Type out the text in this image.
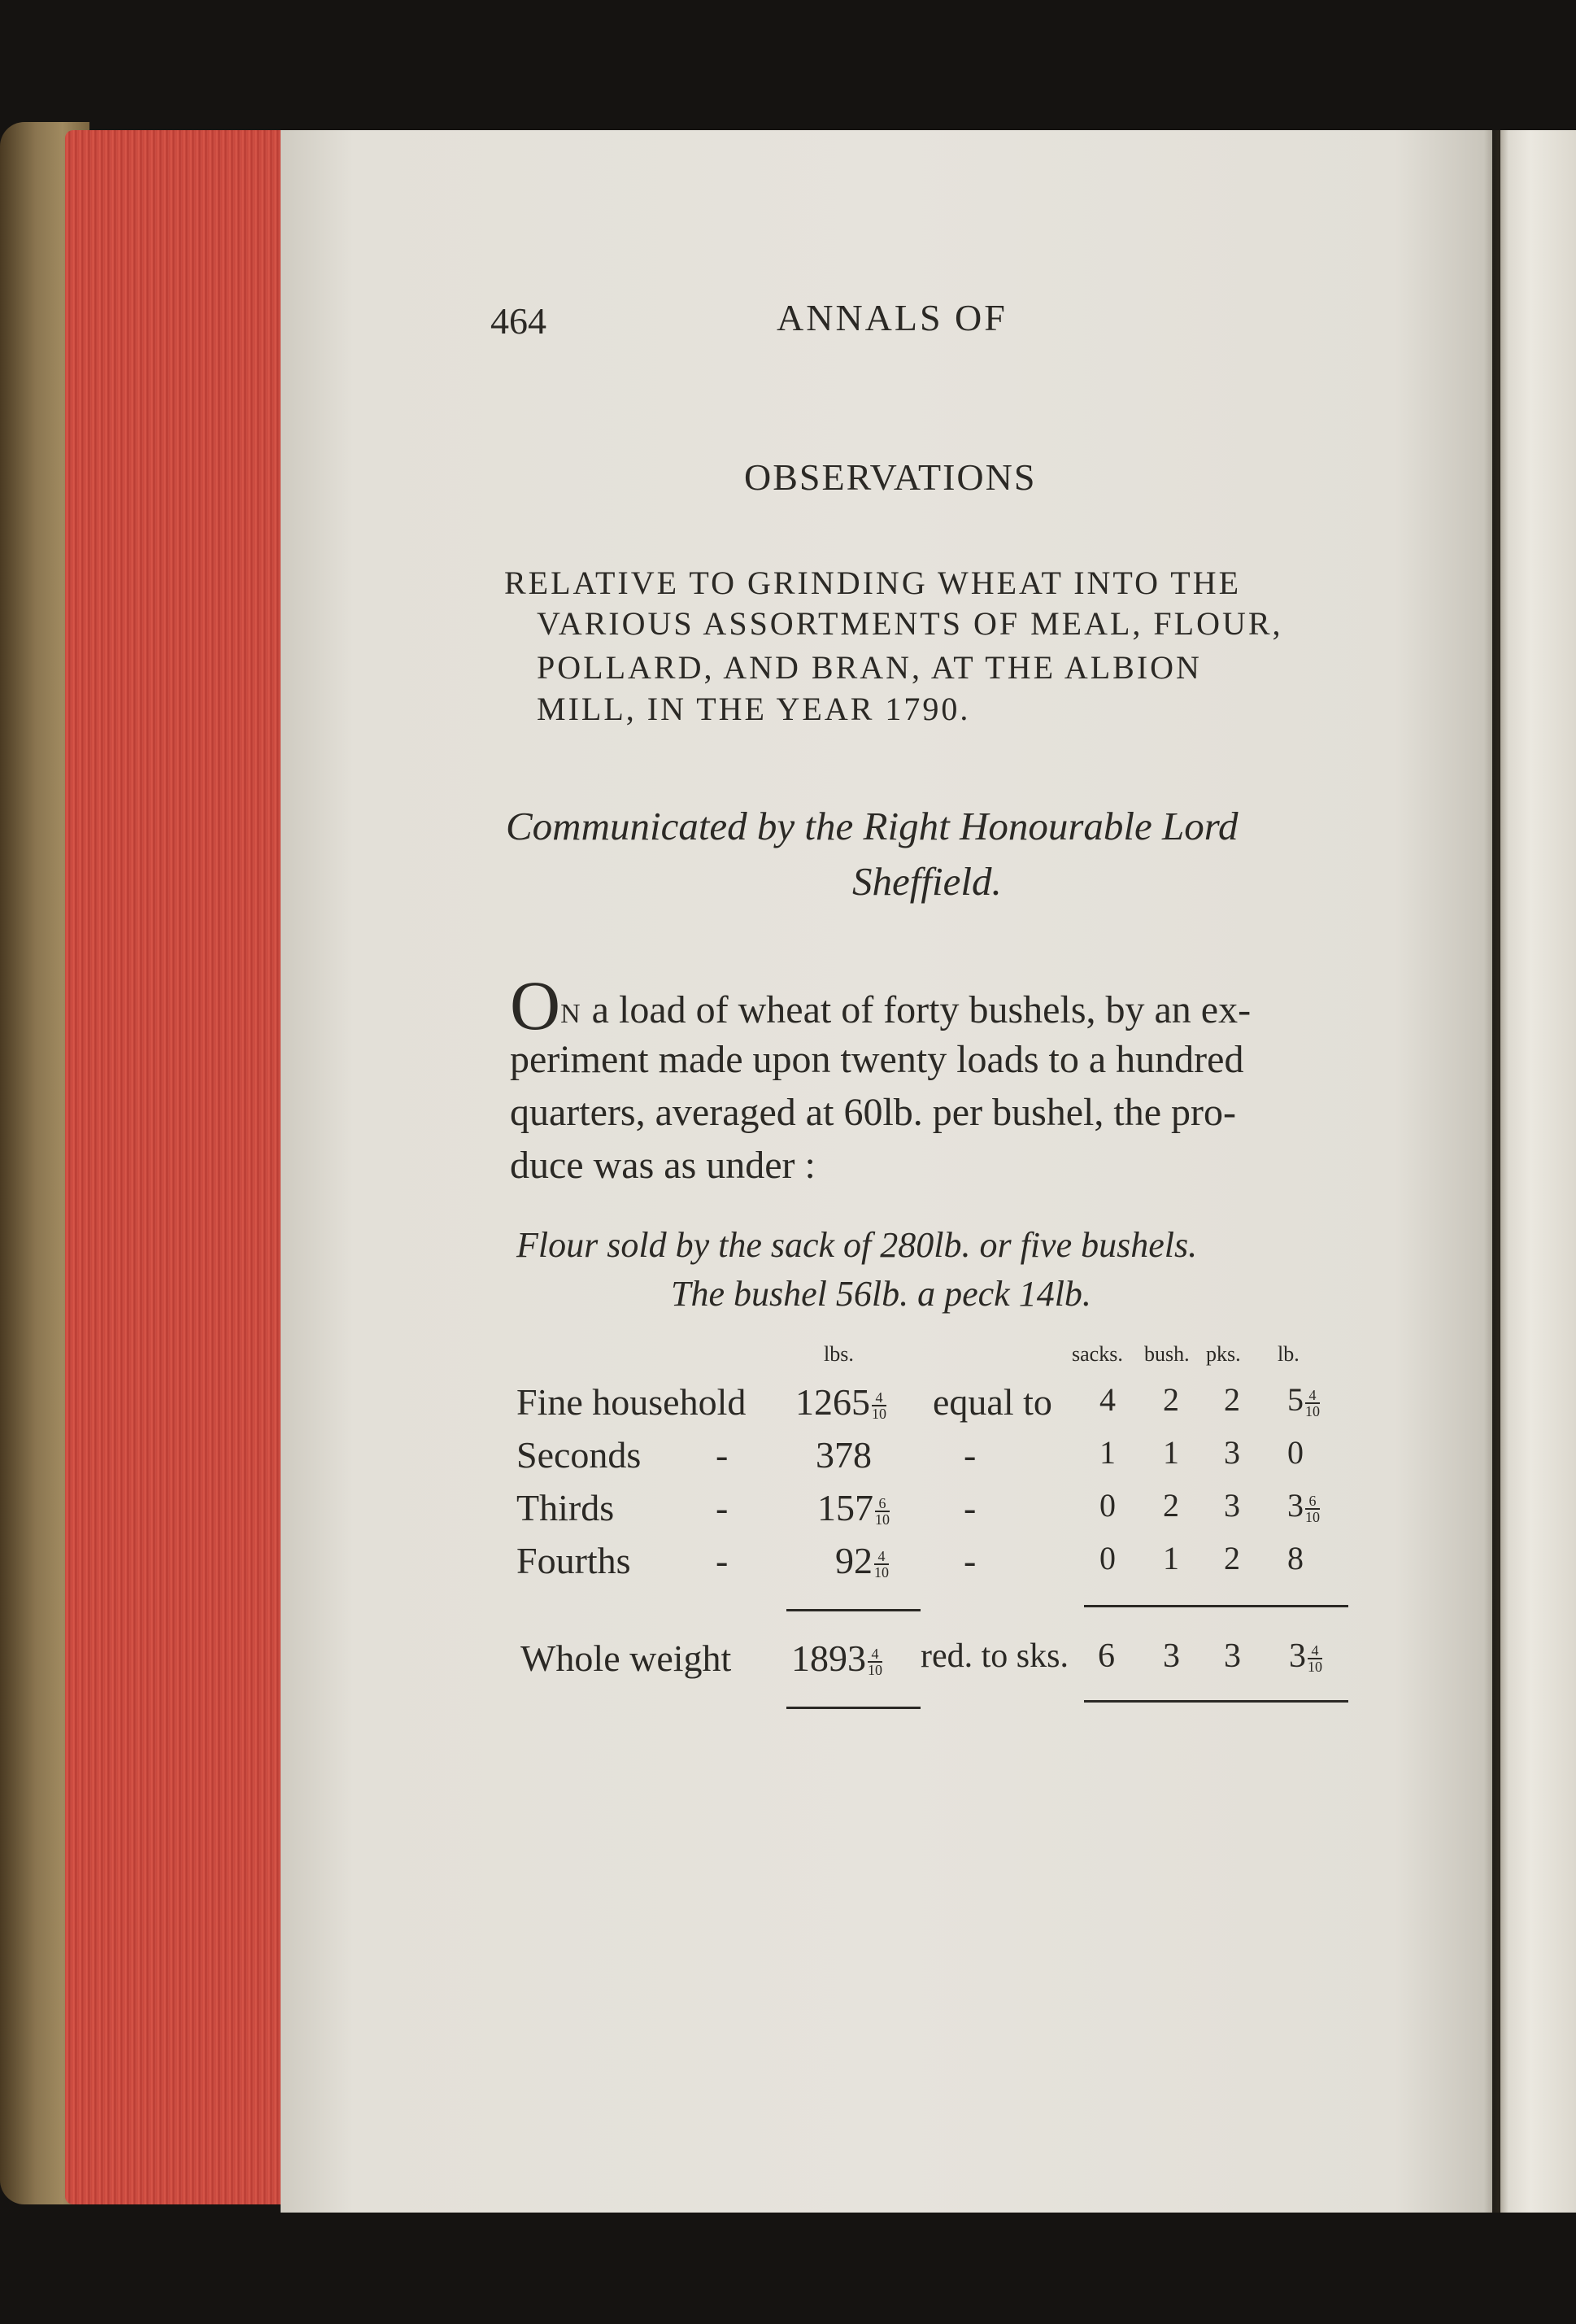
464	ANNALS OF
OBSERVATIONS
RELATIVE TO GRINDING WHEAT INTO THE
VARIOUS ASSORTMENTS OF MEAL, FLOUR,
POLLARD, AND BRAN, AT THE ALBION
MILL, IN THE YEAR 1790.
Communicated by the Right Honourable Lord
Sheffield.
ON a load of wheat of forty bushels, by an ex-
periment made upon twenty loads to a hundred
quarters, averaged at 60lb. per bushel, the pro-
duce was as under :
Flour sold by the sack of 280lb. or five bushels.
The bushel 56lb. a peck 14lb.
lbs.	sacks. bush. pks. lb.
Fine household $1265 \frac{4}{10}$ equal to 4 2 2 $5 \frac{4}{10}$
Seconds - 378 -	1 1 3 0
Thirds	- $157 \frac{6}{10}$ -	0 2 3 $3 \frac{6}{10}$
Fourths -	$92 \frac{4}{10}$ -	0 1 2 8
Whole weight $1893 \frac{4}{10}$ red. to sks. 6 3 3 $3 \frac{4}{10}$
